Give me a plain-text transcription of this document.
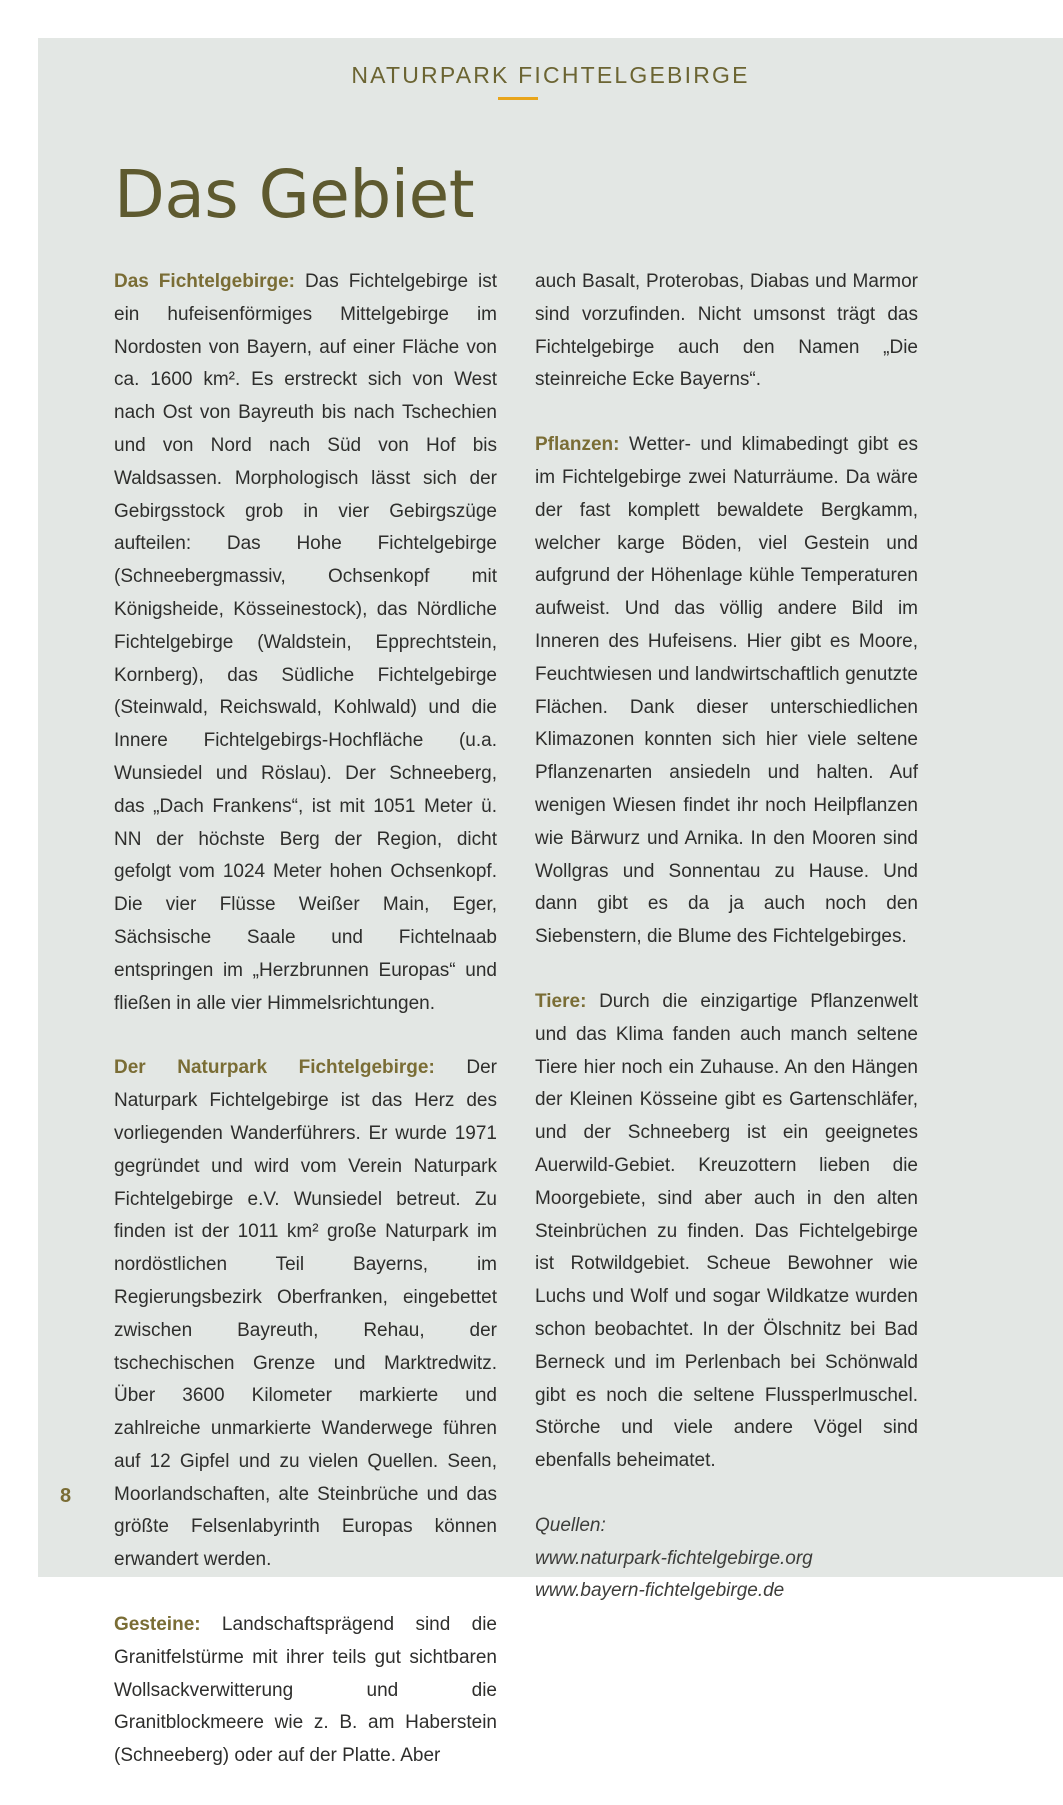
NATURPARK FICHTELGEBIRGE
Das Gebiet

Das Fichtelgebirge: Das Fichtelgebirge ist ein hufeisenförmiges Mittelgebirge im Nordosten von Bayern, auf einer Fläche von ca. 1600 km². Es erstreckt sich von West nach Ost von Bayreuth bis nach Tschechien und von Nord nach Süd von Hof bis Waldsassen. Morphologisch lässt sich der Gebirgsstock grob in vier Gebirgszüge aufteilen: Das Hohe Fichtelgebirge (Schneebergmassiv, Ochsenkopf mit Königsheide, Kösseinestock), das Nördliche Fichtelgebirge (Waldstein, Epprechtstein, Kornberg), das Südliche Fichtelgebirge (Steinwald, Reichswald, Kohlwald) und die Innere Fichtelgebirgs-Hochfläche (u.a. Wunsiedel und Röslau). Der Schneeberg, das „Dach Frankens“, ist mit 1051 Meter ü. NN der höchste Berg der Region, dicht gefolgt vom 1024 Meter hohen Ochsenkopf. Die vier Flüsse Weißer Main, Eger, Sächsische Saale und Fichtelnaab entspringen im „Herzbrunnen Europas“ und fließen in alle vier Himmelsrichtungen.

Der Naturpark Fichtelgebirge: Der Naturpark Fichtelgebirge ist das Herz des vorliegenden Wanderführers. Er wurde 1971 gegründet und wird vom Verein Naturpark Fichtelgebirge e.V. Wunsiedel betreut. Zu finden ist der 1011 km² große Naturpark im nordöstlichen Teil Bayerns, im Regierungsbezirk Oberfranken, eingebettet zwischen Bayreuth, Rehau, der tschechischen Grenze und Marktredwitz. Über 3600 Kilometer markierte und zahlreiche unmarkierte Wanderwege führen auf 12 Gipfel und zu vielen Quellen. Seen, Moorlandschaften, alte Steinbrüche und das größte Felsenlabyrinth Europas können erwandert werden.

Gesteine: Landschaftsprägend sind die Granitfelstürme mit ihrer teils gut sichtbaren Wollsackverwitterung und die Granitblockmeere wie z. B. am Haberstein (Schneeberg) oder auf der Platte. Aber

auch Basalt, Proterobas, Diabas und Marmor sind vorzufinden. Nicht umsonst trägt das Fichtelgebirge auch den Namen „Die steinreiche Ecke Bayerns“.

Pflanzen: Wetter- und klimabedingt gibt es im Fichtelgebirge zwei Naturräume. Da wäre der fast komplett bewaldete Bergkamm, welcher karge Böden, viel Gestein und aufgrund der Höhenlage kühle Temperaturen aufweist. Und das völlig andere Bild im Inneren des Hufeisens. Hier gibt es Moore, Feuchtwiesen und landwirtschaftlich genutzte Flächen. Dank dieser unterschiedlichen Klimazonen konnten sich hier viele seltene Pflanzenarten ansiedeln und halten. Auf wenigen Wiesen findet ihr noch Heilpflanzen wie Bärwurz und Arnika. In den Mooren sind Wollgras und Sonnentau zu Hause. Und dann gibt es da ja auch noch den Siebenstern, die Blume des Fichtelgebirges.

Tiere: Durch die einzigartige Pflanzenwelt und das Klima fanden auch manch seltene Tiere hier noch ein Zuhause. An den Hängen der Kleinen Kösseine gibt es Gartenschläfer, und der Schneeberg ist ein geeignetes Auerwild-Gebiet. Kreuzottern lieben die Moorgebiete, sind aber auch in den alten Steinbrüchen zu finden. Das Fichtelgebirge ist Rotwildgebiet. Scheue Bewohner wie Luchs und Wolf und sogar Wildkatze wurden schon beobachtet. In der Ölschnitz bei Bad Berneck und im Perlenbach bei Schönwald gibt es noch die seltene Flussperlmuschel. Störche und viele andere Vögel sind ebenfalls beheimatet.

Quellen:
www.naturpark-fichtelgebirge.org
www.bayern-fichtelgebirge.de
8
